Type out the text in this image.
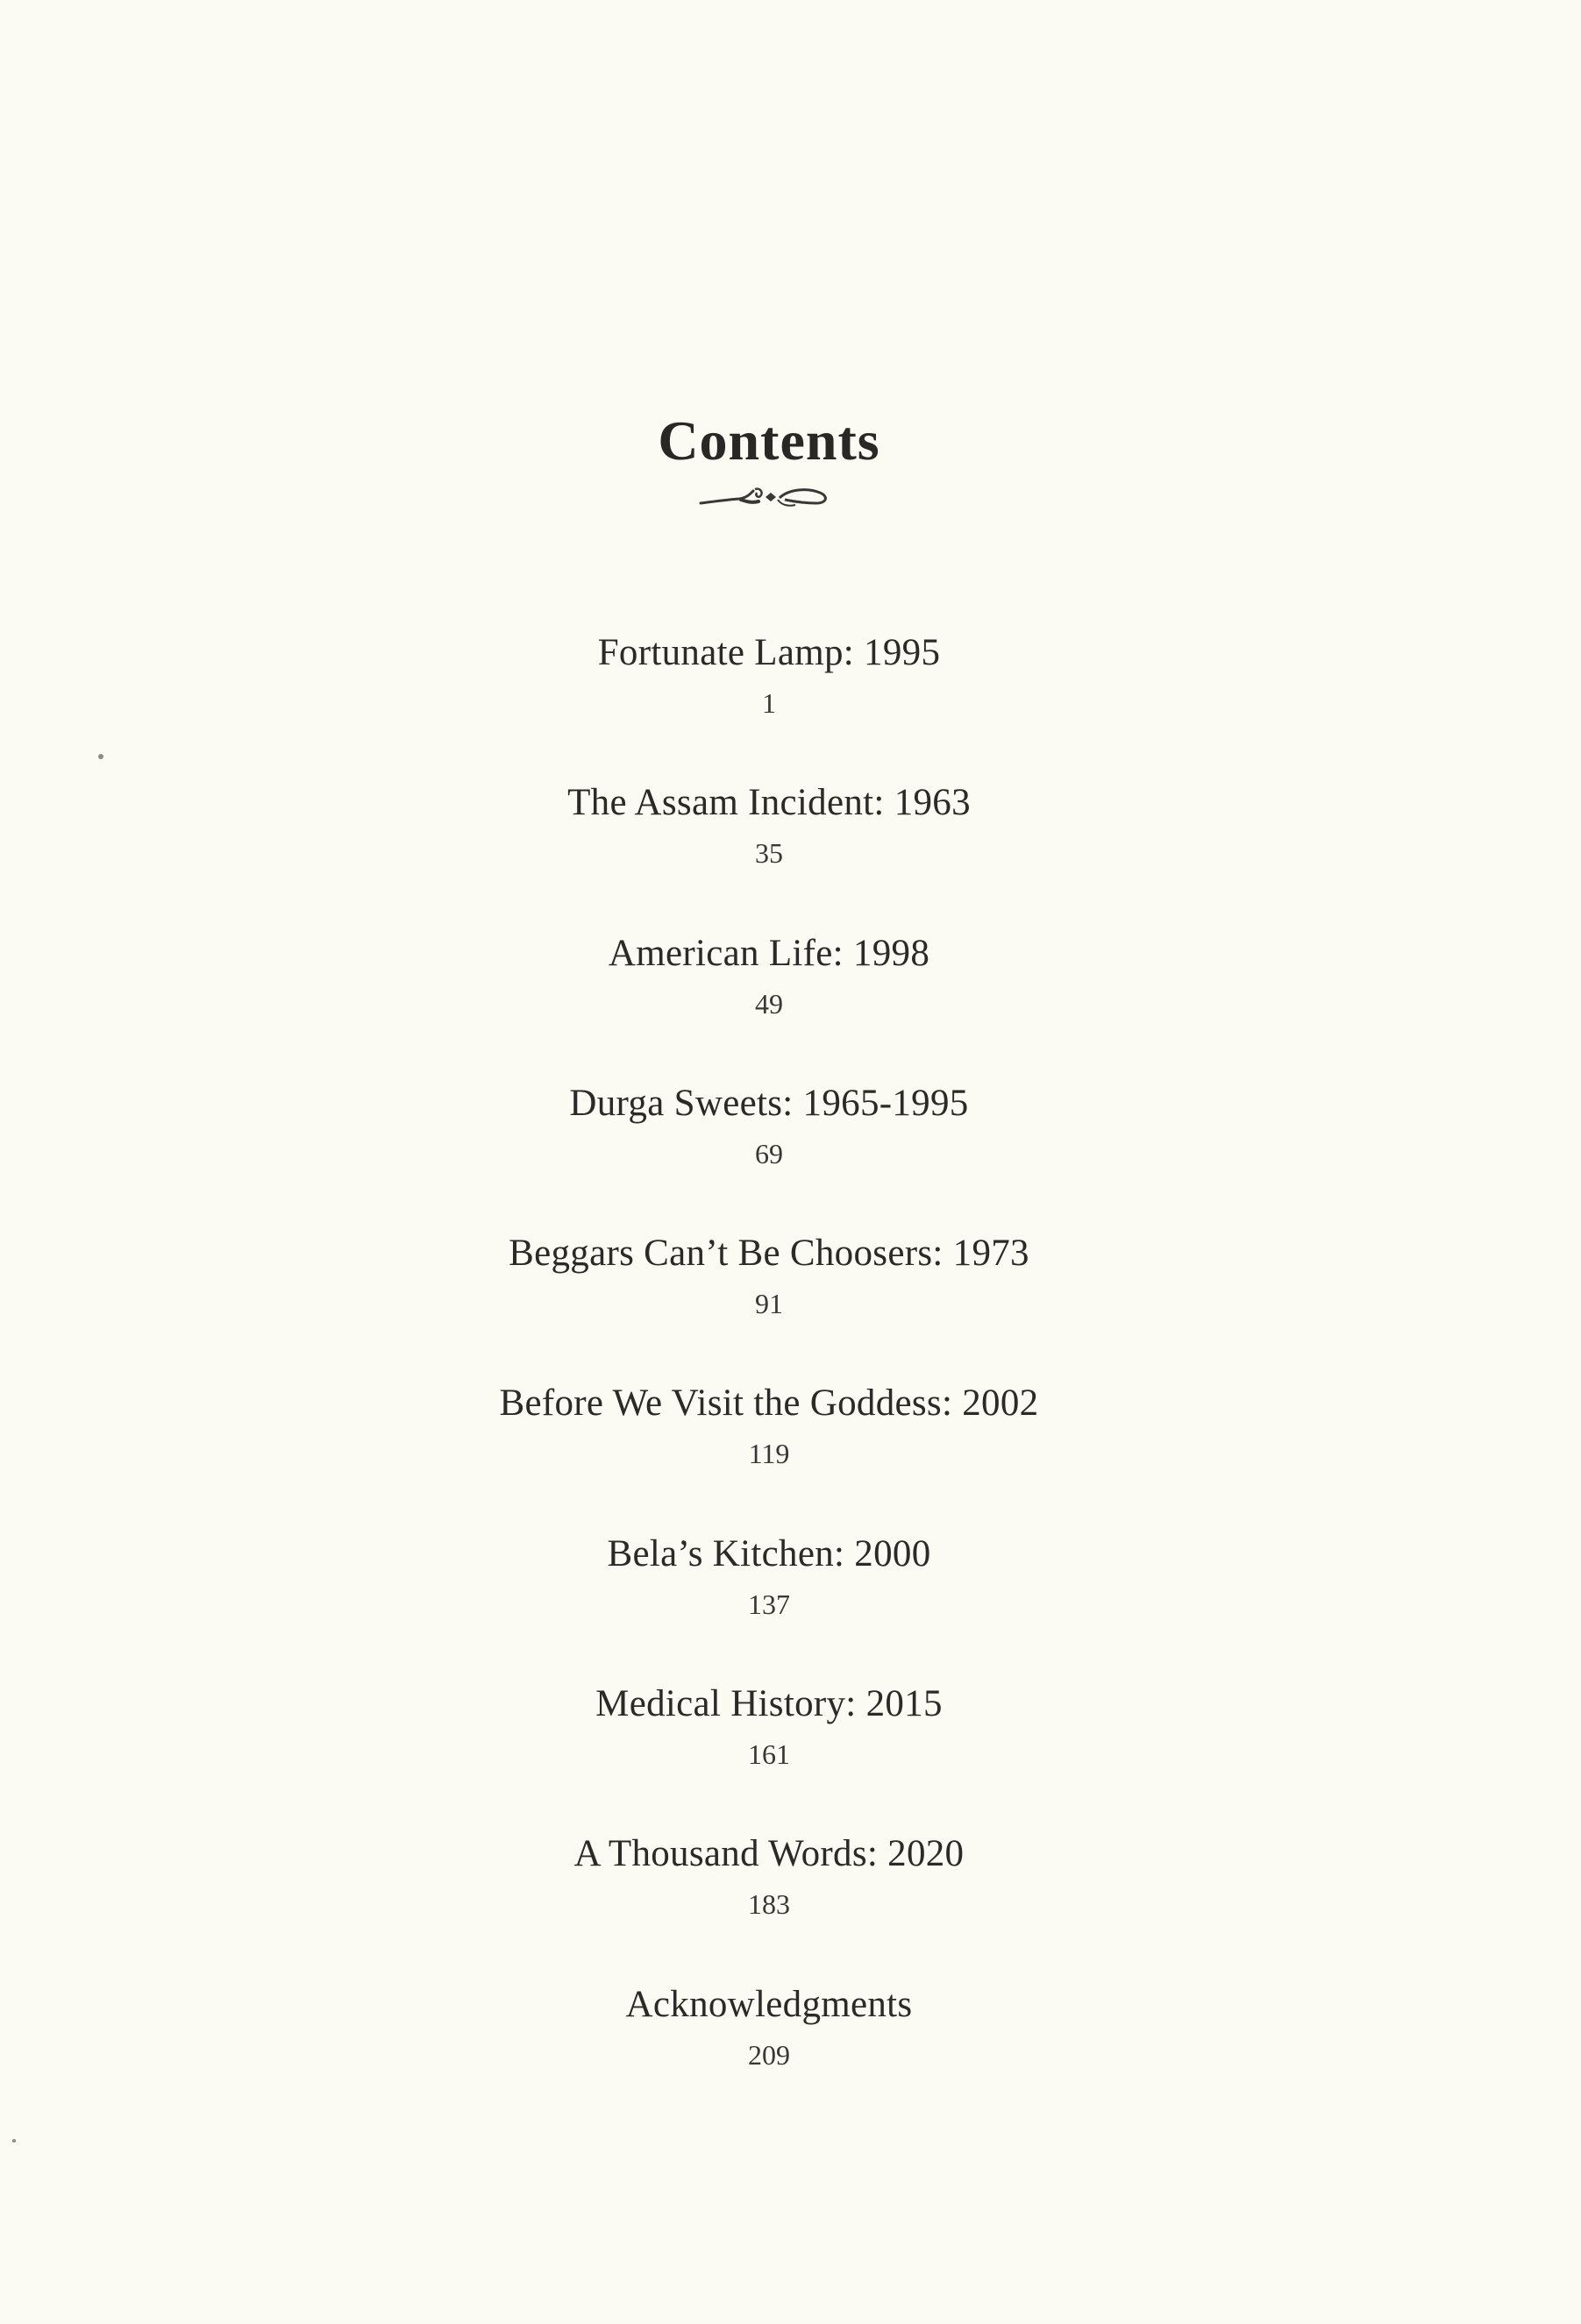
Contents
Fortunate Lamp: 1995
1
The Assam Incident: 1963
35
American Life: 1998
49
Durga Sweets: 1965-1995
69
Beggars Can’t Be Choosers: 1973
91
Before We Visit the Goddess: 2002
119
Bela’s Kitchen: 2000
137
Medical History: 2015
161
A Thousand Words: 2020
183
Acknowledgments
209
